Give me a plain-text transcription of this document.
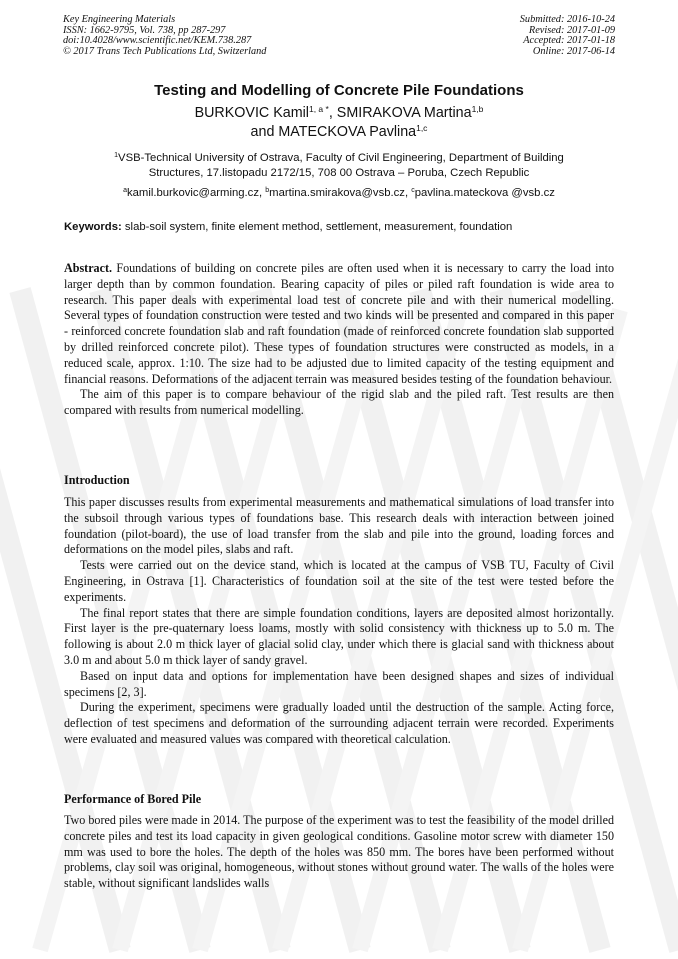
Key Engineering Materials
ISSN: 1662-9795, Vol. 738, pp 287-297
doi:10.4028/www.scientific.net/KEM.738.287
© 2017 Trans Tech Publications Ltd, Switzerland
Submitted: 2016-10-24
Revised: 2017-01-09
Accepted: 2017-01-18
Online: 2017-06-14
Testing and Modelling of Concrete Pile Foundations
BURKOVIC Kamil$^{1, a *}$, SMIRAKOVA Martina$^{1,b}$
and MATECKOVA Pavlina$^{1,c}$
$^1$VSB-Technical University of Ostrava, Faculty of Civil Engineering, Department of Building
Structures, 17.listopadu 2172/15, 708 00 Ostrava – Poruba, Czech Republic
$^a$kamil.burkovic@arming.cz, $^b$martina.smirakova@vsb.cz, $^c$pavlina.mateckova @vsb.cz
Keywords: slab-soil system, finite element method, settlement, measurement, foundation

Abstract. Foundations of building on concrete piles are often used when it is necessary to carry the load into larger depth than by common foundation. Bearing capacity of piles or piled raft foundation is wide area to research. This paper deals with experimental load test of concrete pile and with their numerical modelling. Several types of foundation construction were tested and two kinds will be presented and compared in this paper - reinforced concrete foundation slab and raft foundation (made of reinforced concrete foundation slab supported by drilled reinforced concrete pilot). These types of foundation structures were constructed as models, in a reduced scale, approx. 1:10. The size had to be adjusted due to limited capacity of the testing equipment and financial reasons. Deformations of the adjacent terrain was measured besides testing of the foundation behaviour.

The aim of this paper is to compare behaviour of the rigid slab and the piled raft. Test results are then compared with results from numerical modelling.

Introduction

This paper discusses results from experimental measurements and mathematical simulations of load transfer into the subsoil through various types of foundations base. This research deals with interaction between joined foundation (pilot-board), the use of load transfer from the slab and pile into the ground, loading forces and deformations on the model piles, slabs and raft.

Tests were carried out on the device stand, which is located at the campus of VSB TU, Faculty of Civil Engineering, in Ostrava [1]. Characteristics of foundation soil at the site of the test were tested before the experiments.

The final report states that there are simple foundation conditions, layers are deposited almost horizontally. First layer is the pre-quaternary loess loams, mostly with solid consistency with thickness up to 5.0 m. The following is about 2.0 m thick layer of glacial solid clay, under which there is glacial sand with thickness about 3.0 m and about 5.0 m thick layer of sandy gravel.

Based on input data and options for implementation have been designed shapes and sizes of individual specimens [2, 3].

During the experiment, specimens were gradually loaded until the destruction of the sample. Acting force, deflection of test specimens and deformation of the surrounding adjacent terrain were recorded. Experiments were evaluated and measured values was compared with theoretical calculation.

Performance of Bored Pile

Two bored piles were made in 2014. The purpose of the experiment was to test the feasibility of the model drilled concrete piles and test its load capacity in given geological conditions. Gasoline motor screw with diameter 150 mm was used to bore the holes. The depth of the holes was 850 mm. The bores have been performed without problems, clay soil was original, homogeneous, without stones without ground water. The walls of the holes were stable, without significant landslides walls
